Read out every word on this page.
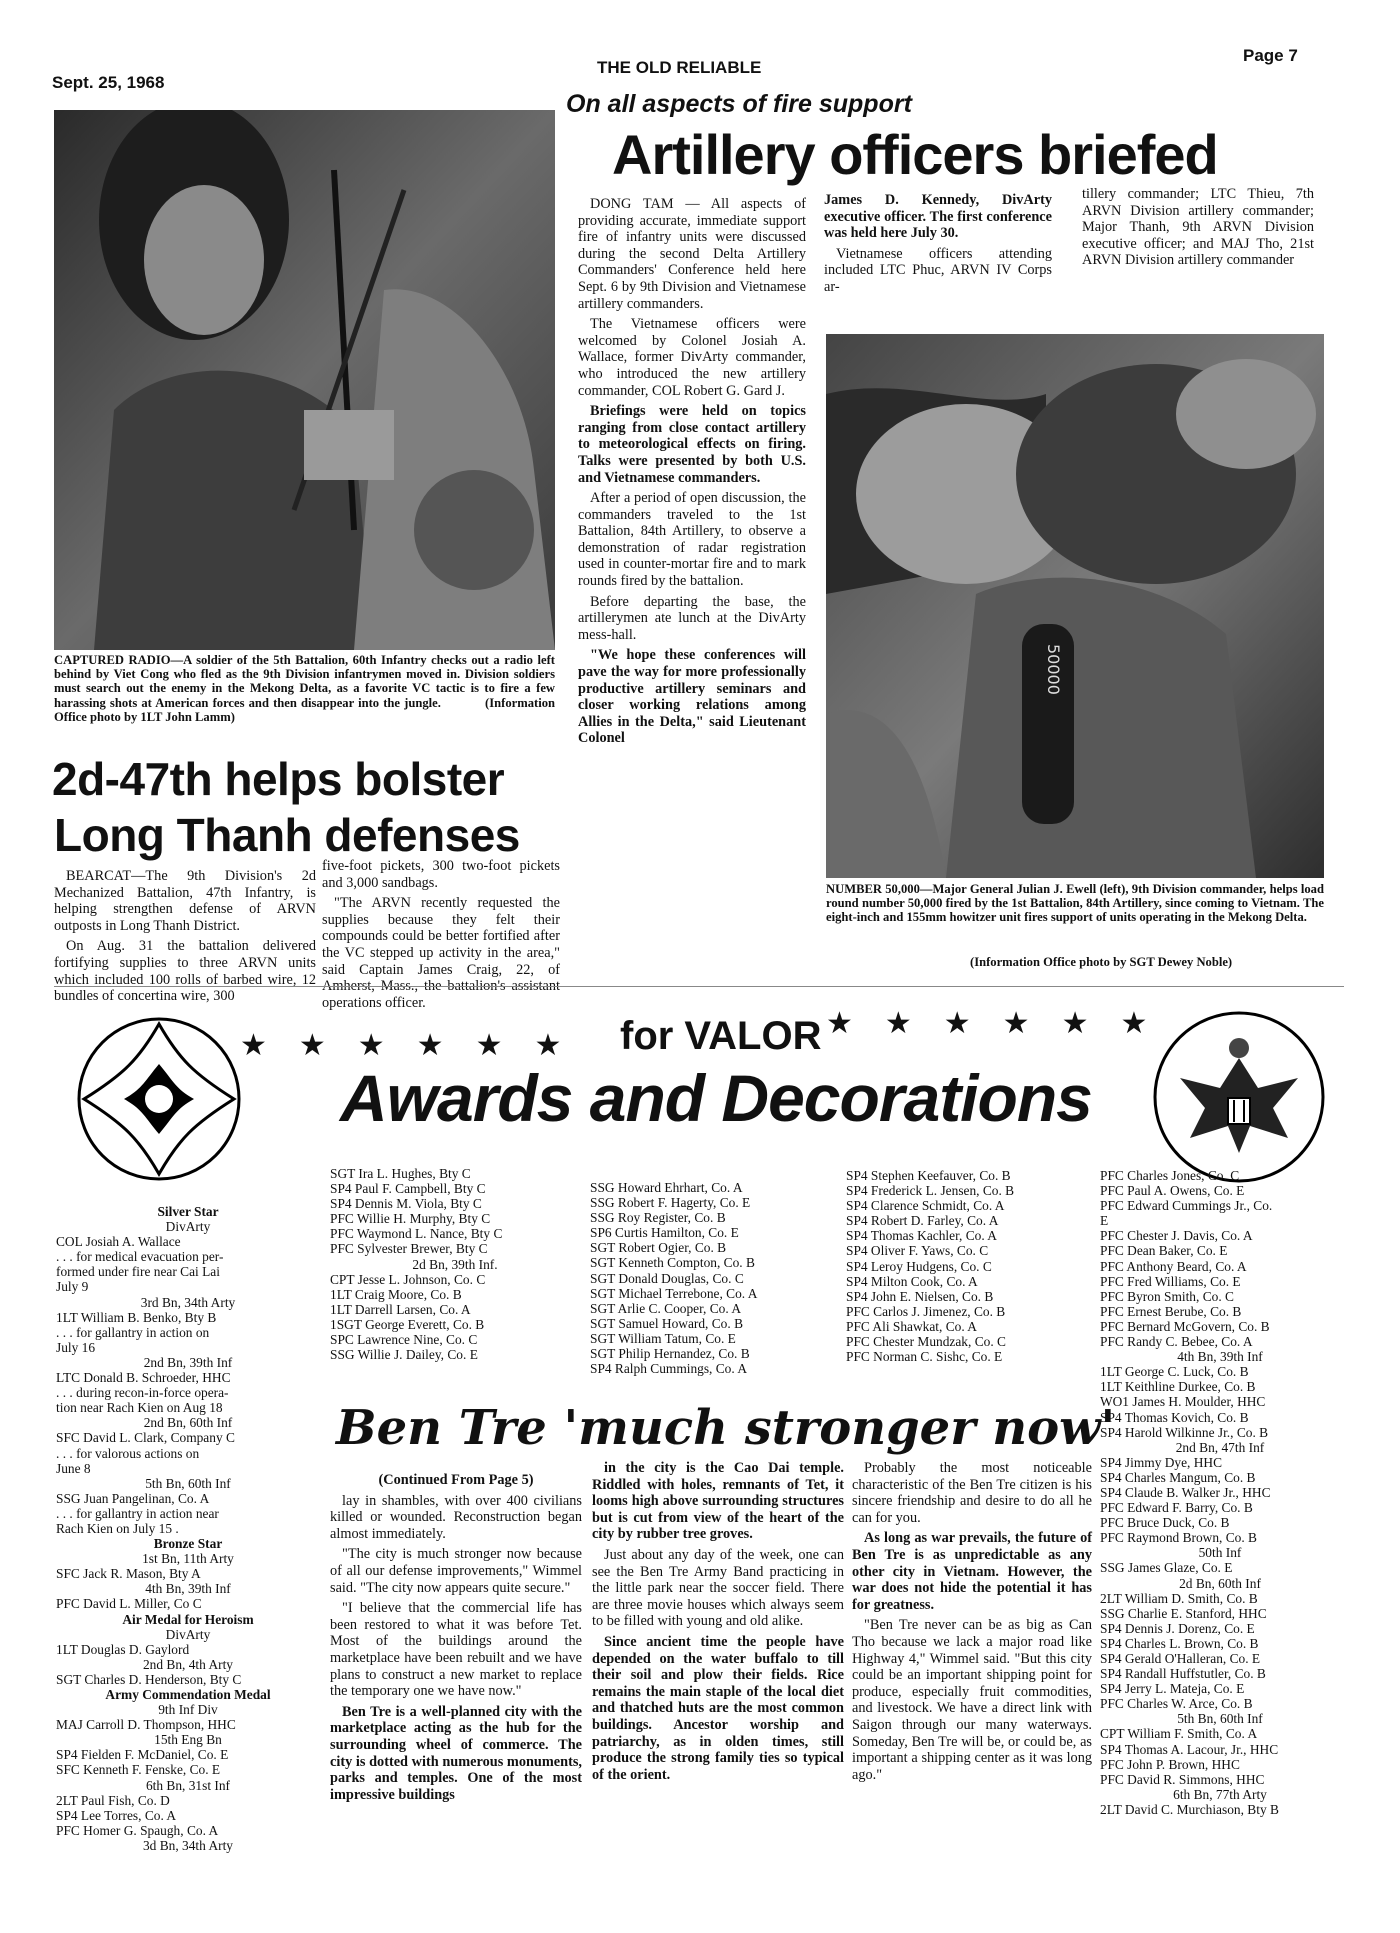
Sept. 25, 1968
THE OLD RELIABLE
Page 7
On all aspects of fire support
Artillery officers briefed
CAPTURED RADIO—A soldier of the 5th Battalion, 60th Infantry checks out a radio left behind by Viet Cong who fled as the 9th Division infantrymen moved in. Division soldiers must search out the enemy in the Mekong Delta, as a favorite VC tactic is to fire a few harassing shots at American forces and then disappear into the jungle.	(Information Office photo by 1LT John Lamm)
2d-47th helps bolster
Long Thanh defenses

BEARCAT—The 9th Division's 2d Mechanized Battalion, 47th Infantry, is helping strengthen defense of ARVN outposts in Long Thanh District.

On Aug. 31 the battalion delivered fortifying supplies to three ARVN units which included 100 rolls of barbed wire, 12 bundles of concertina wire, 300

five-foot pickets, 300 two-foot pickets and 3,000 sandbags.

"The ARVN recently requested the supplies because they felt their compounds could be better fortified after the VC stepped up activity in the area," said Captain James Craig, 22, of Amherst, Mass., the battalion's assistant operations officer.

DONG TAM — All aspects of providing accurate, immediate support fire of infantry units were discussed during the second Delta Artillery Commanders' Conference held here Sept. 6 by 9th Division and Vietnamese artillery commanders.

The Vietnamese officers were welcomed by Colonel Josiah A. Wallace, former DivArty commander, who introduced the new artillery commander, COL Robert G. Gard J.

Briefings were held on topics ranging from close contact artillery to meteorological effects on firing. Talks were presented by both U.S. and Vietnamese commanders.

After a period of open discussion, the commanders traveled to the 1st Battalion, 84th Artillery, to observe a demonstration of radar registration used in counter-mortar fire and to mark rounds fired by the battalion.

Before departing the base, the artillerymen ate lunch at the DivArty mess-hall.

"We hope these conferences will pave the way for more professionally productive artillery seminars and closer working relations among Allies in the Delta," said Lieutenant Colonel

James D. Kennedy, DivArty executive officer. The first conference was held here July 30.

Vietnamese officers attending included LTC Phuc, ARVN IV Corps ar-

tillery commander; LTC Thieu, 7th ARVN Division artillery commander; Major Thanh, 9th ARVN Division executive officer; and MAJ Tho, 21st ARVN Division artillery commander

50000
NUMBER 50,000—Major General Julian J. Ewell (left), 9th Division commander, helps load round number 50,000 fired by the 1st Battalion, 84th Artillery, since coming to Vietnam. The eight-inch and 155mm howitzer unit fires support of units operating in the Mekong Delta.
(Information Office photo by SGT Dewey Noble)
★★★★★★ for VALOR ★★★★★★
Awards and Decorations
Silver Star
DivArty
COL Josiah A. Wallace
. . . for medical evacuation per-
formed under fire near Cai Lai
July 9
3rd Bn, 34th Arty
1LT William B. Benko, Bty B
. . . for gallantry in action on
July 16
2nd Bn, 39th Inf
LTC Donald B. Schroeder, HHC
. . . during recon-in-force opera-
tion near Rach Kien on Aug 18
2nd Bn, 60th Inf
SFC David L. Clark, Company C
. . . for valorous actions on
June 8
5th Bn, 60th Inf
SSG Juan Pangelinan, Co. A
. . . for gallantry in action near
Rach Kien on July 15 .
Bronze Star
1st Bn, 11th Arty
SFC Jack R. Mason, Bty A
4th Bn, 39th Inf
PFC David L. Miller, Co C
Air Medal for Heroism
DivArty
1LT Douglas D. Gaylord
2nd Bn, 4th Arty
SGT Charles D. Henderson, Bty C
Army Commendation Medal
9th Inf Div
MAJ Carroll D. Thompson, HHC
15th Eng Bn
SP4 Fielden F. McDaniel, Co. E
SFC Kenneth F. Fenske, Co. E
6th Bn, 31st Inf
2LT Paul Fish, Co. D
SP4 Lee Torres, Co. A
PFC Homer G. Spaugh, Co. A
3d Bn, 34th Arty
SGT Ira L. Hughes, Bty C
SP4 Paul F. Campbell, Bty C
SP4 Dennis M. Viola, Bty C
PFC Willie H. Murphy, Bty C
PFC Waymond L. Nance, Bty C
PFC Sylvester Brewer, Bty C
2d Bn, 39th Inf.
CPT Jesse L. Johnson, Co. C
1LT Craig Moore, Co. B
1LT Darrell Larsen, Co. A
1SGT George Everett, Co. B
SPC Lawrence Nine, Co. C
SSG Willie J. Dailey, Co. E
SSG Howard Ehrhart, Co. A
SSG Robert F. Hagerty, Co. E
SSG Roy Register, Co. B
SP6 Curtis Hamilton, Co. E
SGT Robert Ogier, Co. B
SGT Kenneth Compton, Co. B
SGT Donald Douglas, Co. C
SGT Michael Terrebone, Co. A
SGT Arlie C. Cooper, Co. A
SGT Samuel Howard, Co. B
SGT William Tatum, Co. E
SGT Philip Hernandez, Co. B
SP4 Ralph Cummings, Co. A
SP4 Stephen Keefauver, Co. B
SP4 Frederick L. Jensen, Co. B
SP4 Clarence Schmidt, Co. A
SP4 Robert D. Farley, Co. A
SP4 Thomas Kachler, Co. A
SP4 Oliver F. Yaws, Co. C
SP4 Leroy Hudgens, Co. C
SP4 Milton Cook, Co. A
SP4 John E. Nielsen, Co. B
PFC Carlos J. Jimenez, Co. B
PFC Ali Shawkat, Co. A
PFC Chester Mundzak, Co. C
PFC Norman C. Sishc, Co. E
PFC Charles Jones, Co. C
PFC Paul A. Owens, Co. E
PFC Edward Cummings Jr., Co.
E
PFC Chester J. Davis, Co. A
PFC Dean Baker, Co. E
PFC Anthony Beard, Co. A
PFC Fred Williams, Co. E
PFC Byron Smith, Co. C
PFC Ernest Berube, Co. B
PFC Bernard McGovern, Co. B
PFC Randy C. Bebee, Co. A
4th Bn, 39th Inf
1LT George C. Luck, Co. B
1LT Keithline Durkee, Co. B
WO1 James H. Moulder, HHC
SP4 Thomas Kovich, Co. B
SP4 Harold Wilkinne Jr., Co. B
2nd Bn, 47th Inf
SP4 Jimmy Dye, HHC
SP4 Charles Mangum, Co. B
SP4 Claude B. Walker Jr., HHC
PFC Edward F. Barry, Co. B
PFC Bruce Duck, Co. B
PFC Raymond Brown, Co. B
50th Inf
SSG James Glaze, Co. E
2d Bn, 60th Inf
2LT William D. Smith, Co. B
SSG Charlie E. Stanford, HHC
SP4 Dennis J. Dorenz, Co. E
SP4 Charles L. Brown, Co. B
SP4 Gerald O'Halleran, Co. E
SP4 Randall Huffstutler, Co. B
SP4 Jerry L. Mateja, Co. E
PFC Charles W. Arce, Co. B
5th Bn, 60th Inf
CPT William F. Smith, Co. A
SP4 Thomas A. Lacour, Jr., HHC
PFC John P. Brown, HHC
PFC David R. Simmons, HHC
6th Bn, 77th Arty
2LT David C. Murchiason, Bty B
Ben Tre 'much stronger now'

(Continued From Page 5)

lay in shambles, with over 400 civilians killed or wounded. Reconstruction began almost immediately.

"The city is much stronger now because of all our defense improvements," Wimmel said. "The city now appears quite secure."

"I believe that the commercial life has been restored to what it was before Tet. Most of the buildings around the marketplace have been rebuilt and we have plans to construct a new market to replace the temporary one we have now."

Ben Tre is a well-planned city with the marketplace acting as the hub for the surrounding wheel of commerce. The city is dotted with numerous monuments, parks and temples. One of the most impressive buildings

in the city is the Cao Dai temple. Riddled with holes, remnants of Tet, it looms high above surrounding structures but is cut from view of the heart of the city by rubber tree groves.

Just about any day of the week, one can see the Ben Tre Army Band practicing in the little park near the soccer field. There are three movie houses which always seem to be filled with young and old alike.

Since ancient time the people have depended on the water buffalo to till their soil and plow their fields. Rice remains the main staple of the local diet and thatched huts are the most common buildings. Ancestor worship and patriarchy, as in olden times, still produce the strong family ties so typical of the orient.

Probably the most noticeable characteristic of the Ben Tre citizen is his sincere friendship and desire to do all he can for you.

As long as war prevails, the future of Ben Tre is as unpredictable as any other city in Vietnam. However, the war does not hide the potential it has for greatness.

"Ben Tre never can be as big as Can Tho because we lack a major road like Highway 4," Wimmel said. "But this city could be an important shipping point for produce, especially fruit commodities, and livestock. We have a direct link with Saigon through our many waterways. Someday, Ben Tre will be, or could be, as important a shipping center as it was long ago."
